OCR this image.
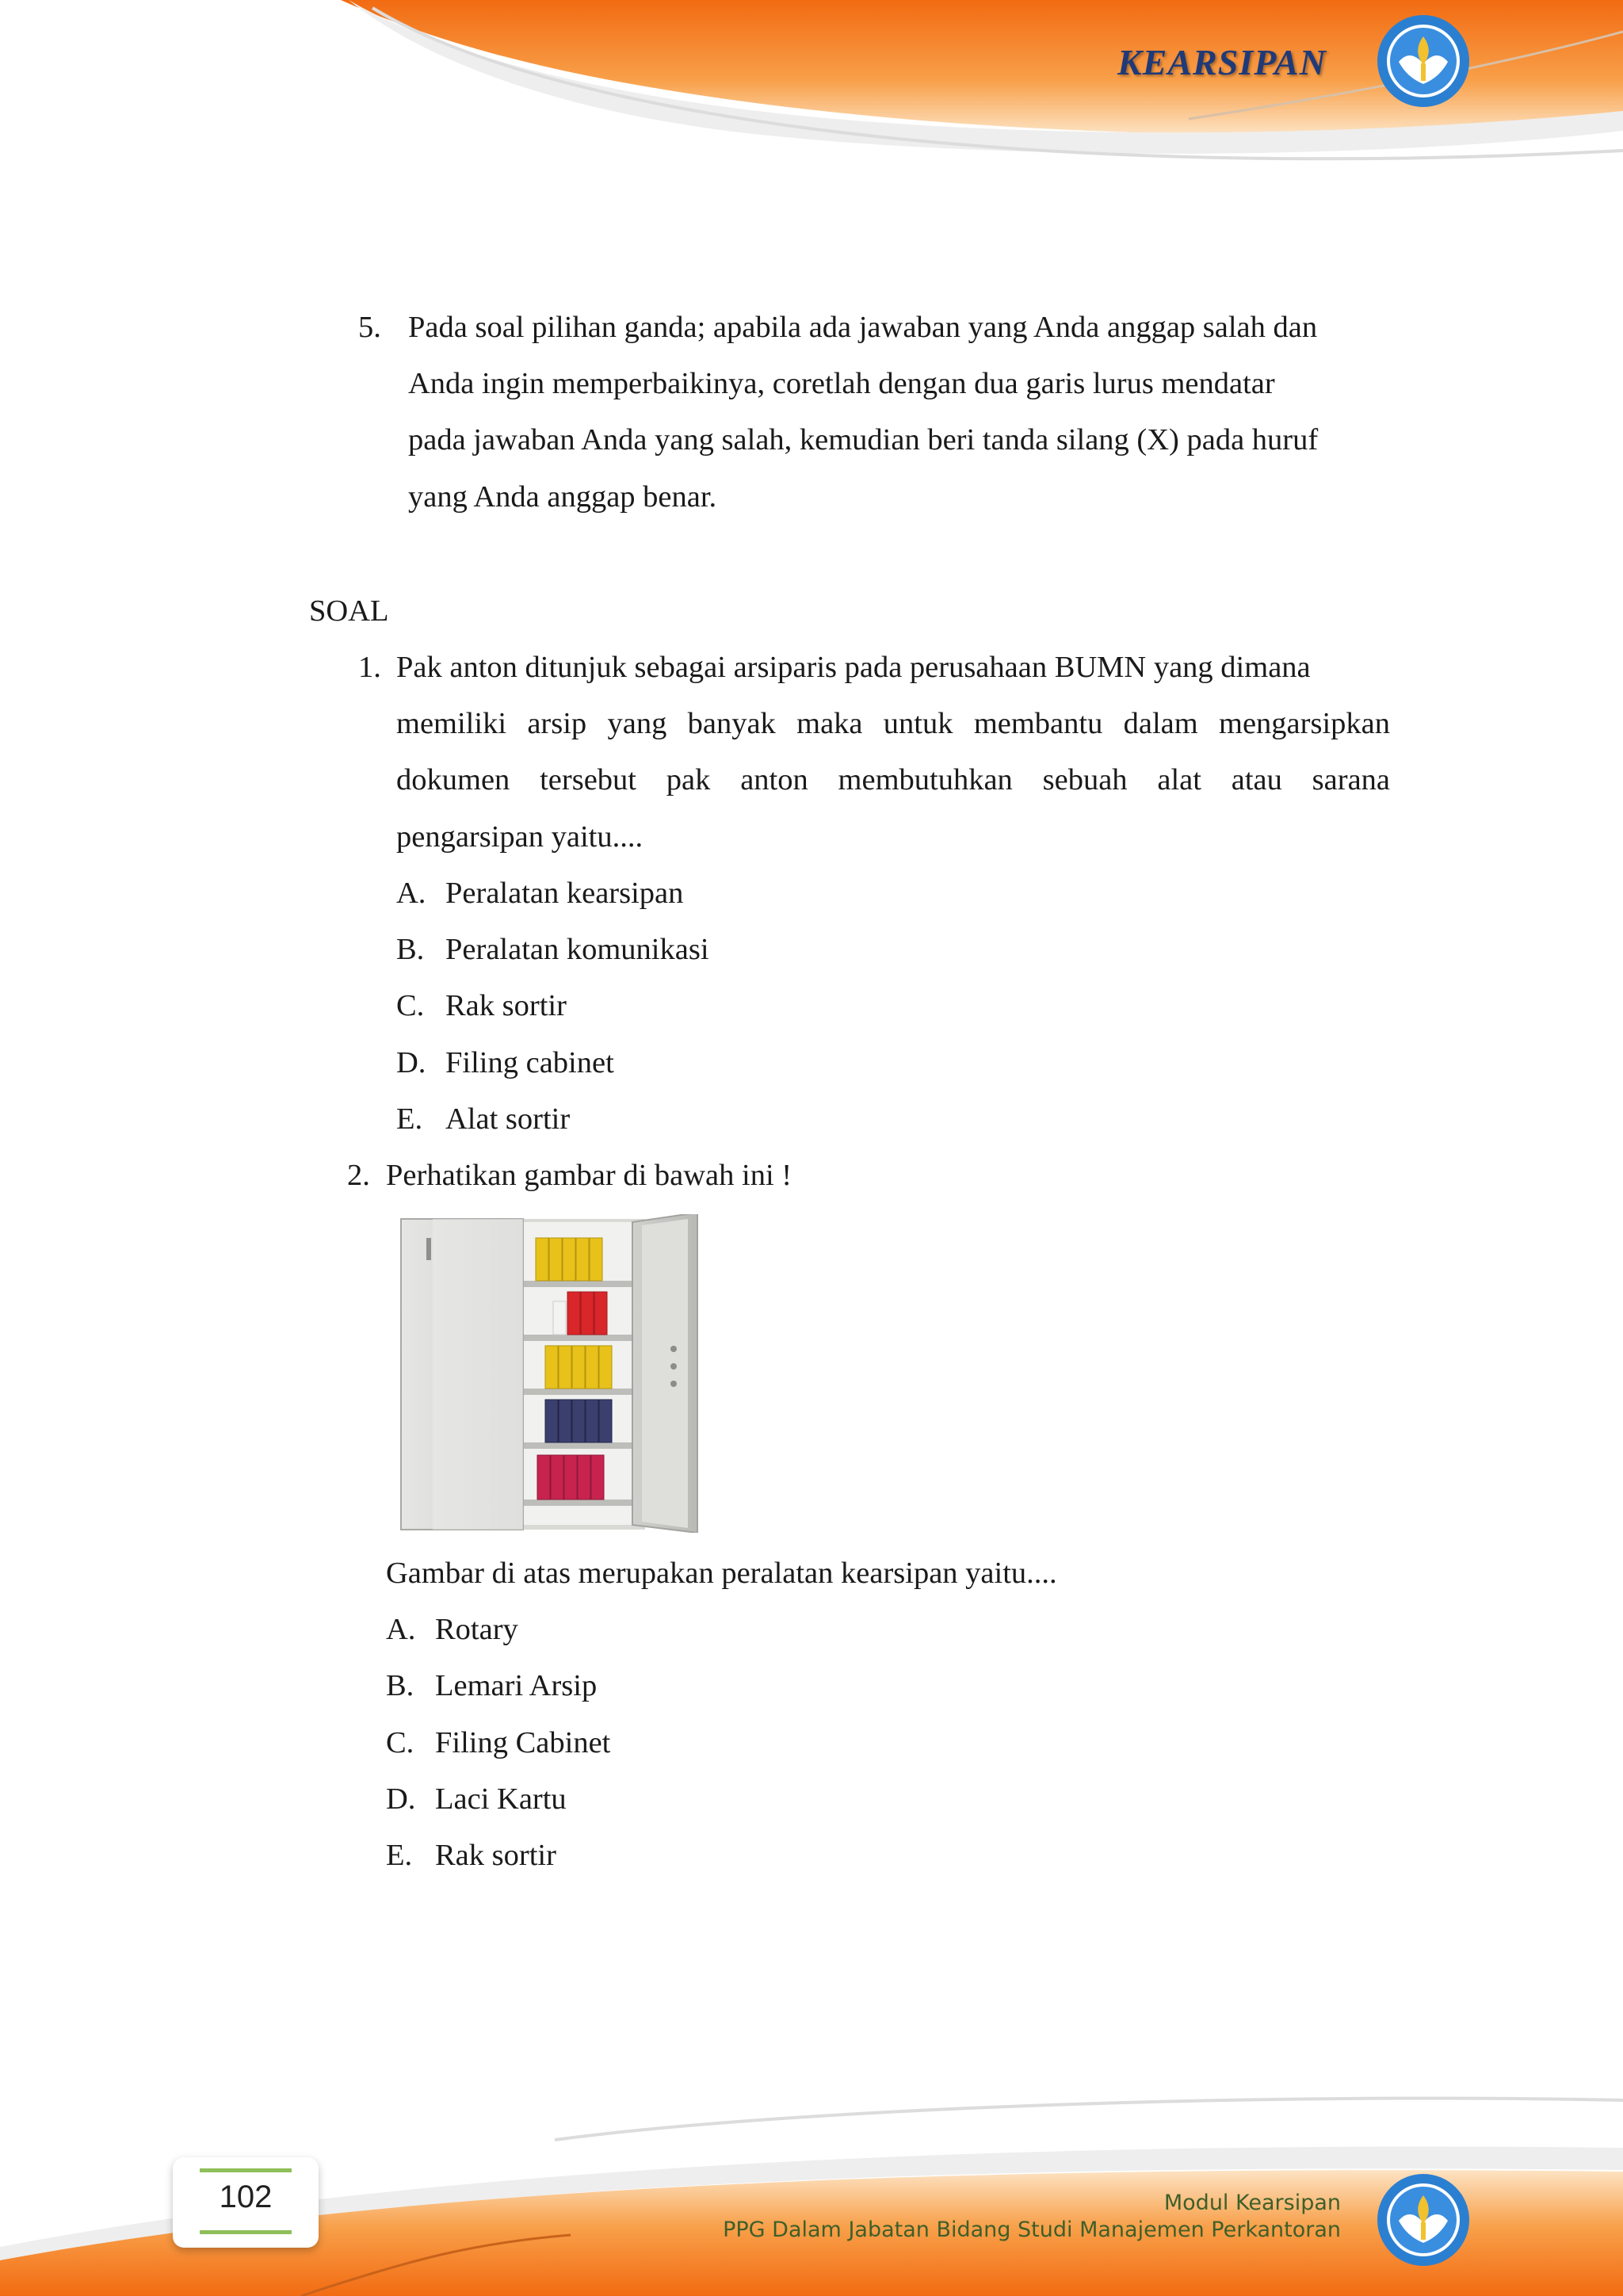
KEARSIPAN
5. Pada soal pilihan ganda; apabila ada jawaban yang Anda anggap salah dan
Anda ingin memperbaikinya, coretlah dengan dua garis lurus mendatar
pada jawaban Anda yang salah, kemudian beri tanda silang (X) pada huruf
yang Anda anggap benar.
SOAL
1. Pak anton ditunjuk sebagai arsiparis pada perusahaan BUMN yang dimana
memiliki arsip yang banyak maka untuk membantu dalam mengarsipkan
dokumen tersebut pak anton membutuhkan sebuah alat atau sarana
pengarsipan yaitu....
A. Peralatan kearsipan
B. Peralatan komunikasi
C. Rak sortir
D. Filing cabinet
E. Alat sortir
2. Perhatikan gambar di bawah ini !
Gambar di atas merupakan peralatan kearsipan yaitu....
A. Rotary
B. Lemari Arsip
C. Filing Cabinet
D. Laci Kartu
E. Rak sortir
102	Modul Kearsipan
PPG Dalam Jabatan Bidang Studi Manajemen Perkantoran
